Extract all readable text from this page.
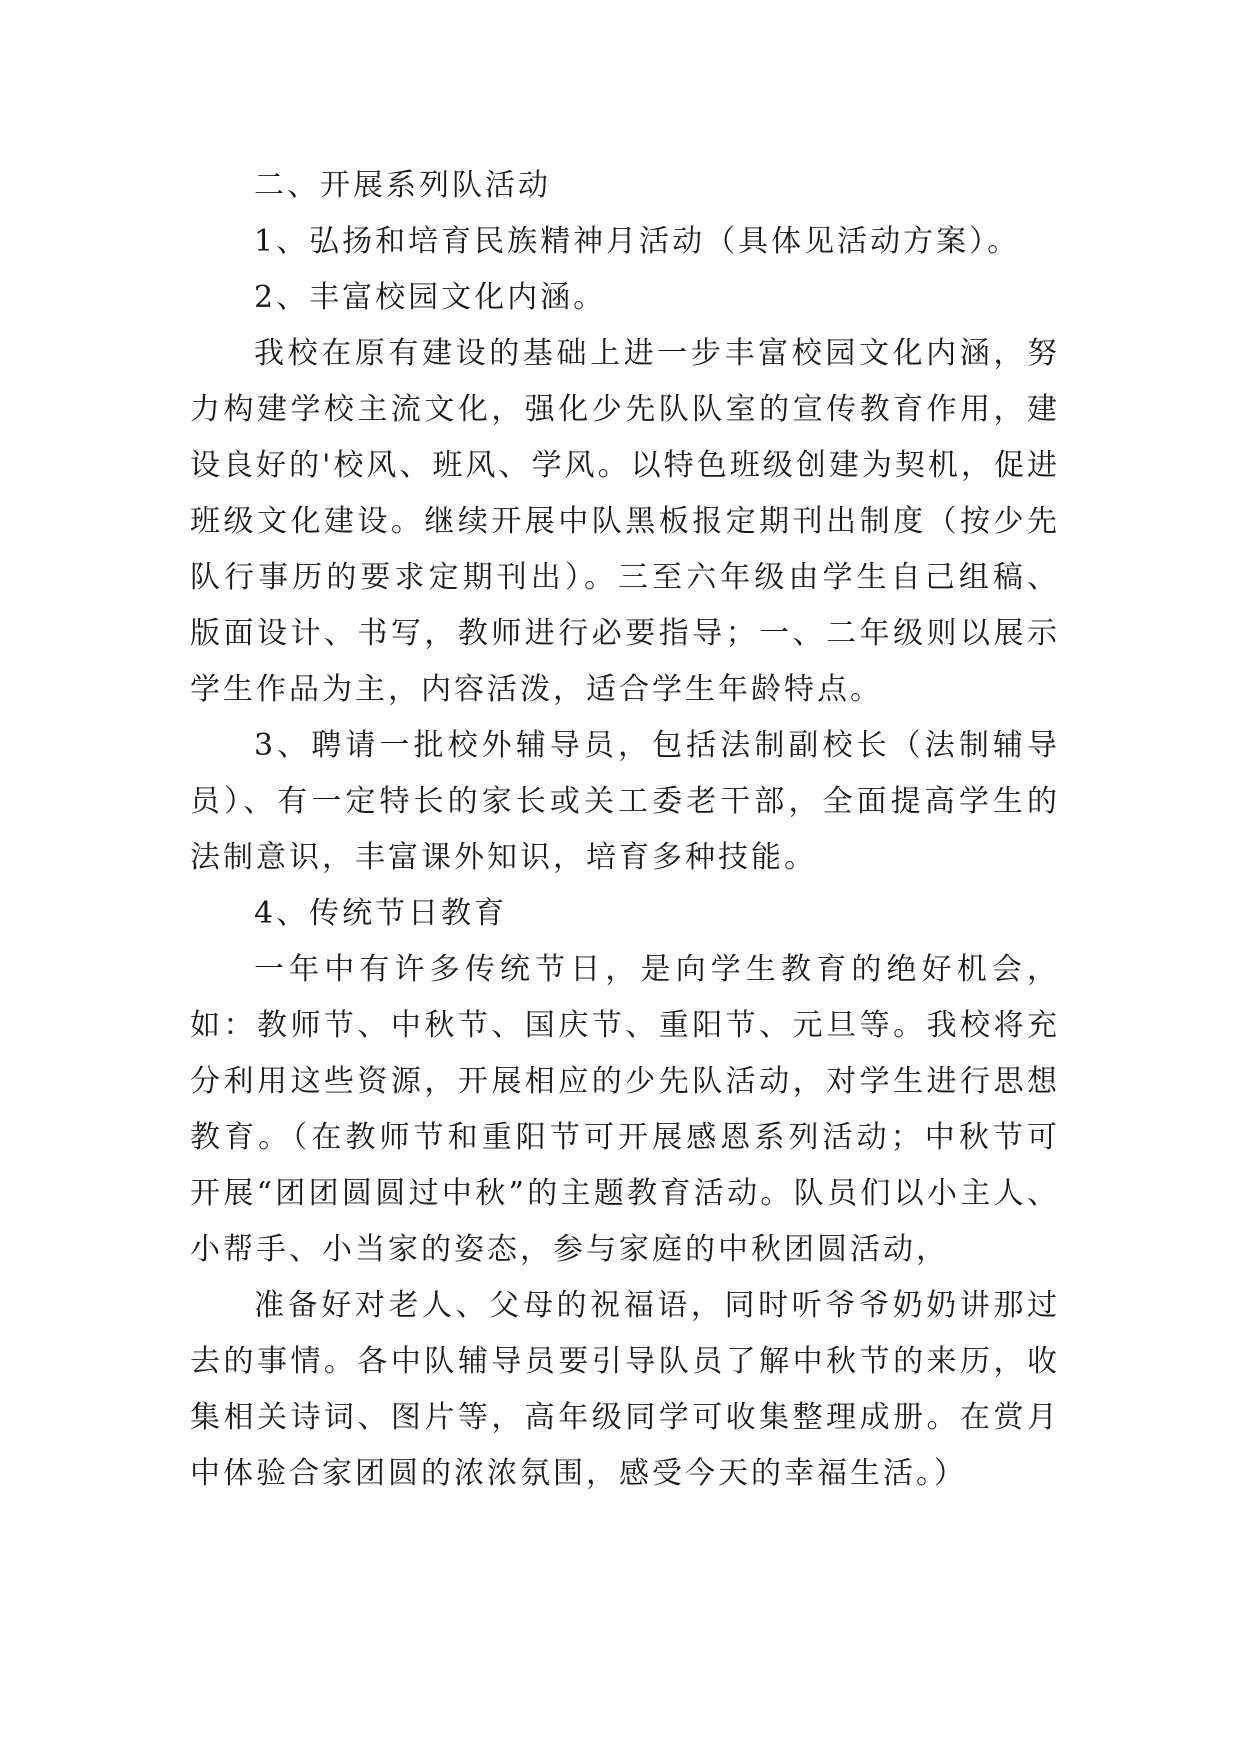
二、开展系列队活动

1、弘扬和培育民族精神月活动（具体见活动方案）。

2、丰富校园文化内涵。

我校在原有建设的基础上进一步丰富校园文化内涵，努力构建学校主流文化，强化少先队队室的宣传教育作用，建设良好的'校风、班风、学风。以特色班级创建为契机，促进班级文化建设。继续开展中队黑板报定期刊出制度（按少先队行事历的要求定期刊出）。三至六年级由学生自己组稿、版面设计、书写，教师进行必要指导；一、二年级则以展示学生作品为主，内容活泼，适合学生年龄特点。

3、聘请一批校外辅导员，包括法制副校长（法制辅导员）、有一定特长的家长或关工委老干部，全面提高学生的法制意识，丰富课外知识，培育多种技能。

4、传统节日教育

一年中有许多传统节日，是向学生教育的绝好机会，如：教师节、中秋节、国庆节、重阳节、元旦等。我校将充分利用这些资源，开展相应的少先队活动，对学生进行思想教育。（在教师节和重阳节可开展感恩系列活动；中秋节可开展“团团圆圆过中秋”的主题教育活动。队员们以小主人、小帮手、小当家的姿态，参与家庭的中秋团圆活动，

准备好对老人、父母的祝福语，同时听爷爷奶奶讲那过去的事情。各中队辅导员要引导队员了解中秋节的来历，收集相关诗词、图片等，高年级同学可收集整理成册。在赏月中体验合家团圆的浓浓氛围，感受今天的幸福生活。）
